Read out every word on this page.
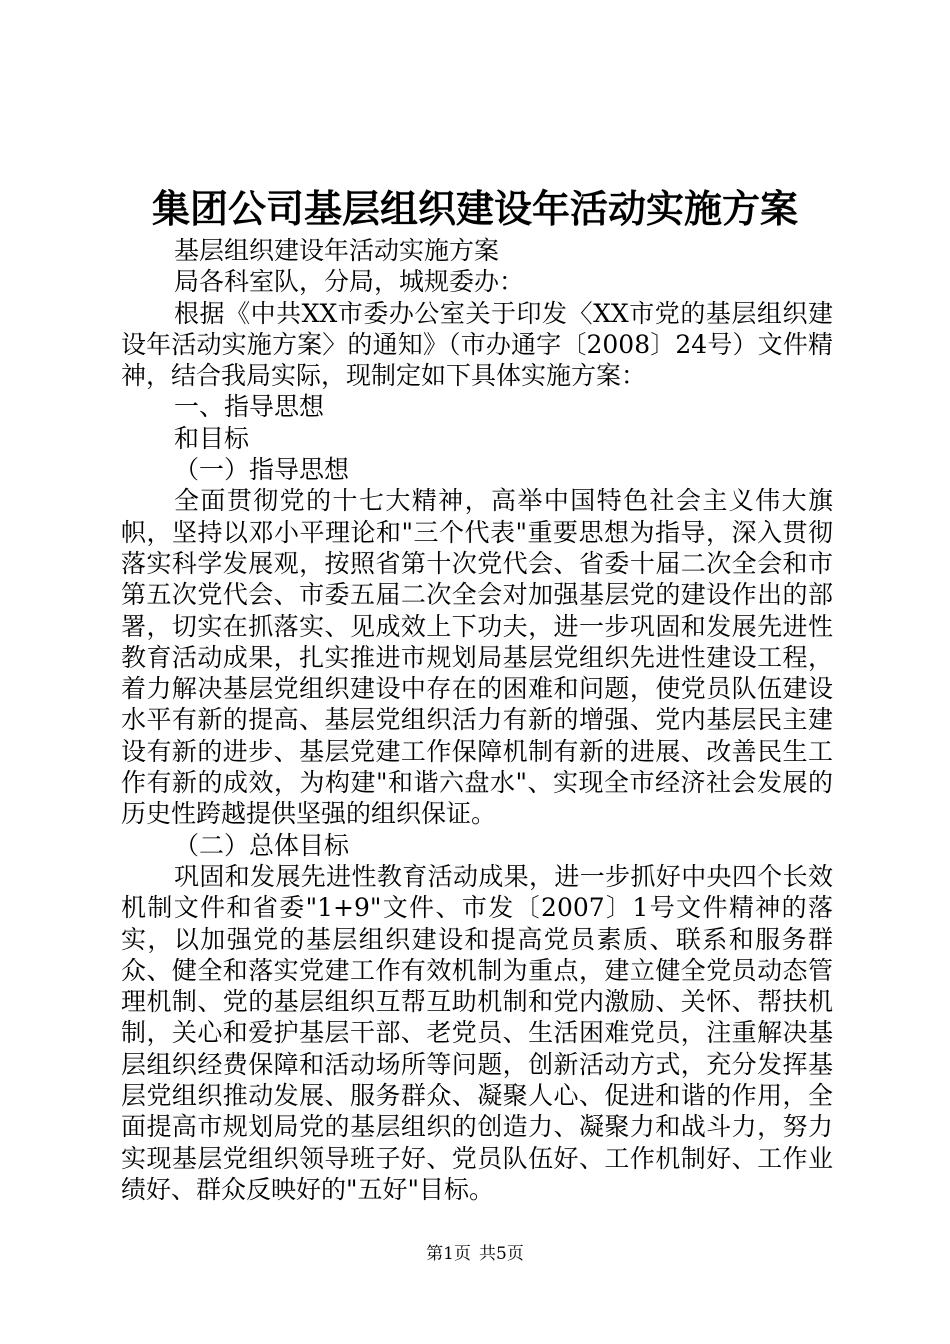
集团公司基层组织建设年活动实施方案

基层组织建设年活动实施方案

局各科室队，分局，城规委办：

根据《中共XX市委办公室关于印发〈XX市党的基层组织建设年活动实施方案〉的通知》（市办通字〔2008〕24号）文件精神，结合我局实际，现制定如下具体实施方案：

一、指导思想

和目标

（一）指导思想

全面贯彻党的十七大精神，高举中国特色社会主义伟大旗帜，坚持以邓小平理论和"三个代表"重要思想为指导，深入贯彻落实科学发展观，按照省第十次党代会、省委十届二次全会和市第五次党代会、市委五届二次全会对加强基层党的建设作出的部署，切实在抓落实、见成效上下功夫，进一步巩固和发展先进性教育活动成果，扎实推进市规划局基层党组织先进性建设工程，着力解决基层党组织建设中存在的困难和问题，使党员队伍建设水平有新的提高、基层党组织活力有新的增强、党内基层民主建设有新的进步、基层党建工作保障机制有新的进展、改善民生工作有新的成效，为构建"和谐六盘水"、实现全市经济社会发展的历史性跨越提供坚强的组织保证。

（二）总体目标

巩固和发展先进性教育活动成果，进一步抓好中央四个长效机制文件和省委"1+9"文件、市发〔2007〕1号文件精神的落实，以加强党的基层组织建设和提高党员素质、联系和服务群众、健全和落实党建工作有效机制为重点，建立健全党员动态管理机制、党的基层组织互帮互助机制和党内激励、关怀、帮扶机制，关心和爱护基层干部、老党员、生活困难党员，注重解决基层组织经费保障和活动场所等问题，创新活动方式，充分发挥基层党组织推动发展、服务群众、凝聚人心、促进和谐的作用，全面提高市规划局党的基层组织的创造力、凝聚力和战斗力，努力实现基层党组织领导班子好、党员队伍好、工作机制好、工作业绩好、群众反映好的"五好"目标。

第1页 共5页
